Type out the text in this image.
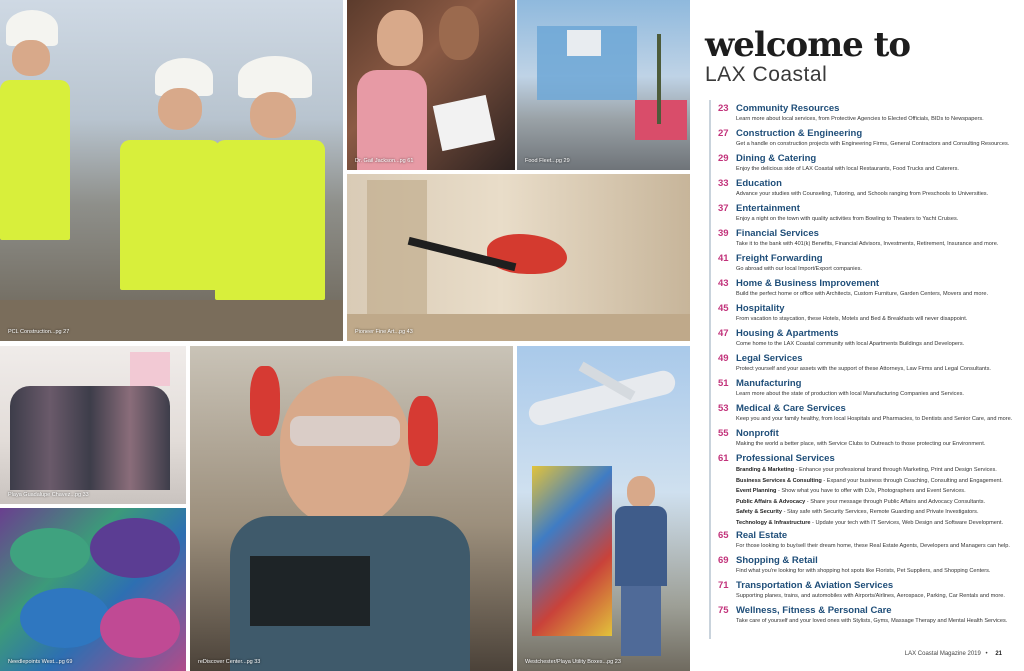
PCL Construction...pg 27
Dr. Gail Jackson...pg 61	Food Fleet...pg 29
Pioneer Fine Art...pg 43
Playa Guadalupe Chavez...pg 33
Needlepoints West...pg 69	reDiscover Center...pg 33	Westchester/Playa Utility Boxes...pg 23
welcome to
LAX Coastal
23 Community Resources
Learn more about local services, from Protective Agencies to Elected Officials, BIDs to Newspapers.
27 Construction & Engineering
Get a handle on construction projects with Engineering Firms, General Contractors and Consulting Resources.
29 Dining & Catering
Enjoy the delicious side of LAX Coastal with local Restaurants, Food Trucks and Caterers.
33 Education
Advance your studies with Counseling, Tutoring, and Schools ranging from Preschools to Universities.
37 Entertainment
Enjoy a night on the town with quality activities from Bowling to Theaters to Yacht Cruises.
39 Financial Services
Take it to the bank with 401(k) Benefits, Financial Advisors, Investments, Retirement, Insurance and more.
41 Freight Forwarding
Go abroad with our local Import/Export companies.
43 Home & Business Improvement
Build the perfect home or office with Architects, Custom Furniture, Garden Centers, Movers and more.
45 Hospitality
From vacation to staycation, these Hotels, Motels and Bed & Breakfasts will never disappoint.
47 Housing & Apartments
Come home to the LAX Coastal community with local Apartments Buildings and Developers.
49 Legal Services
Protect yourself and your assets with the support of these Attorneys, Law Firms and Legal Consultants.
51 Manufacturing
Learn more about the state of production with local Manufacturing Companies and Services.
53 Medical & Care Services
Keep you and your family healthy, from local Hospitals and Pharmacies, to Dentists and Senior Care, and more.
55 Nonprofit
Making the world a better place, with Service Clubs to Outreach to those protecting our Environment.
61 Professional Services
Branding & Marketing - Enhance your professional brand through Marketing, Print and Design Services.
Business Services & Consulting - Expand your business through Coaching, Consulting and Engagement.
Event Planning - Show what you have to offer with DJs, Photographers and Event Services.
Public Affairs & Advocacy - Share your message through Public Affairs and Advocacy Consultants.
Safety & Security - Stay safe with Security Services, Remote Guarding and Private Investigators.
Technology & Infrastructure - Update your tech with IT Services, Web Design and Software Development.
65 Real Estate
For those looking to buy/sell their dream home, these Real Estate Agents, Developers and Managers can help.
69 Shopping & Retail
Find what you're looking for with shopping hot spots like Florists, Pet Suppliers, and Shopping Centers.
71 Transportation & Aviation Services
Supporting planes, trains, and automobiles with Airports/Airlines, Aerospace, Parking, Car Rentals and more.
75 Wellness, Fitness & Personal Care
Take care of yourself and your loved ones with Stylists, Gyms, Massage Therapy and Mental Health Services.
LAX Coastal Magazine 2019 • 21
